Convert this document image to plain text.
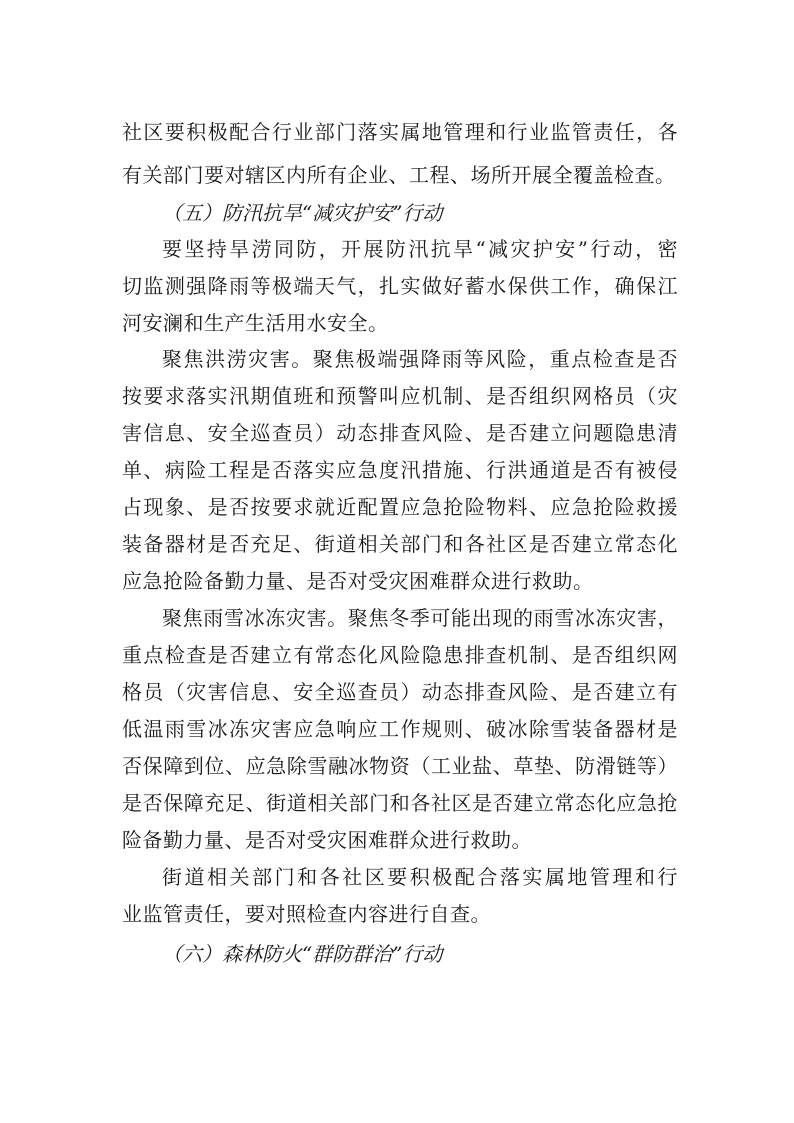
社区要积极配合行业部门落实属地管理和行业监管责任，各
有关部门要对辖区内所有企业、工程、场所开展全覆盖检查。
（五）防汛抗旱“减灾护安”行动
要坚持旱涝同防，开展防汛抗旱“减灾护安”行动，密
切监测强降雨等极端天气，扎实做好蓄水保供工作，确保江
河安澜和生产生活用水安全。
聚焦洪涝灾害。聚焦极端强降雨等风险，重点检查是否
按要求落实汛期值班和预警叫应机制、是否组织网格员（灾
害信息、安全巡查员）动态排查风险、是否建立问题隐患清
单、病险工程是否落实应急度汛措施、行洪通道是否有被侵
占现象、是否按要求就近配置应急抢险物料、应急抢险救援
装备器材是否充足、街道相关部门和各社区是否建立常态化
应急抢险备勤力量、是否对受灾困难群众进行救助。
聚焦雨雪冰冻灾害。聚焦冬季可能出现的雨雪冰冻灾害，
重点检查是否建立有常态化风险隐患排查机制、是否组织网
格员（灾害信息、安全巡查员）动态排查风险、是否建立有
低温雨雪冰冻灾害应急响应工作规则、破冰除雪装备器材是
否保障到位、应急除雪融冰物资（工业盐、草垫、防滑链等）
是否保障充足、街道相关部门和各社区是否建立常态化应急抢
险备勤力量、是否对受灾困难群众进行救助。
街道相关部门和各社区要积极配合落实属地管理和行
业监管责任，要对照检查内容进行自查。
（六）森林防火“群防群治”行动
